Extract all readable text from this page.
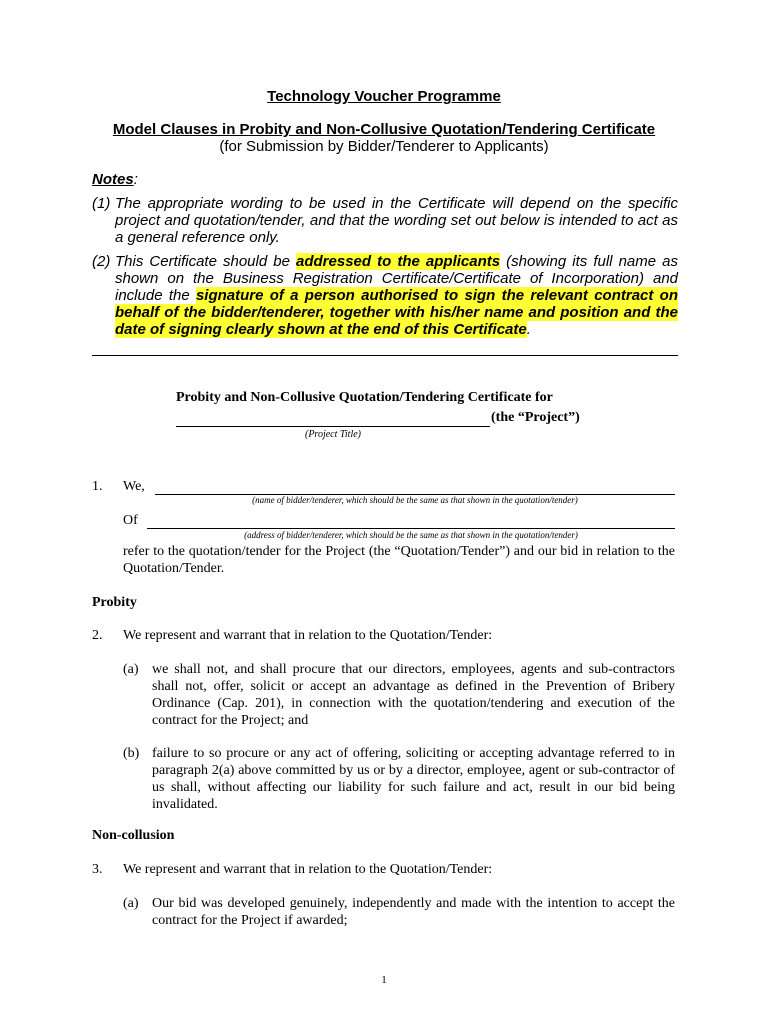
Technology Voucher Programme
Model Clauses in Probity and Non-Collusive Quotation/Tendering Certificate
(for Submission by Bidder/Tenderer to Applicants)
Notes:
(1) The appropriate wording to be used in the Certificate will depend on the specific project and quotation/tender, and that the wording set out below is intended to act as a general reference only.
(2) This Certificate should be addressed to the applicants (showing its full name as shown on the Business Registration Certificate/Certificate of Incorporation) and include the signature of a person authorised to sign the relevant contract on behalf of the bidder/tenderer, together with his/her name and position and the date of signing clearly shown at the end of this Certificate.
Probity and Non-Collusive Quotation/Tendering Certificate for
(the “Project”)
(Project Title)
1. We,
(name of bidder/tenderer, which should be the same as that shown in the quotation/tender)
Of
(address of bidder/tenderer, which should be the same as that shown in the quotation/tender)
refer to the quotation/tender for the Project (the “Quotation/Tender”) and our bid in relation to the Quotation/Tender.
Probity
2. We represent and warrant that in relation to the Quotation/Tender:
(a) we shall not, and shall procure that our directors, employees, agents and sub-contractors shall not, offer, solicit or accept an advantage as defined in the Prevention of Bribery Ordinance (Cap. 201), in connection with the quotation/tendering and execution of the contract for the Project; and
(b) failure to so procure or any act of offering, soliciting or accepting advantage referred to in paragraph 2(a) above committed by us or by a director, employee, agent or sub-contractor of us shall, without affecting our liability for such failure and act, result in our bid being invalidated.
Non-collusion
3. We represent and warrant that in relation to the Quotation/Tender:
(a) Our bid was developed genuinely, independently and made with the intention to accept the contract for the Project if awarded;
1
